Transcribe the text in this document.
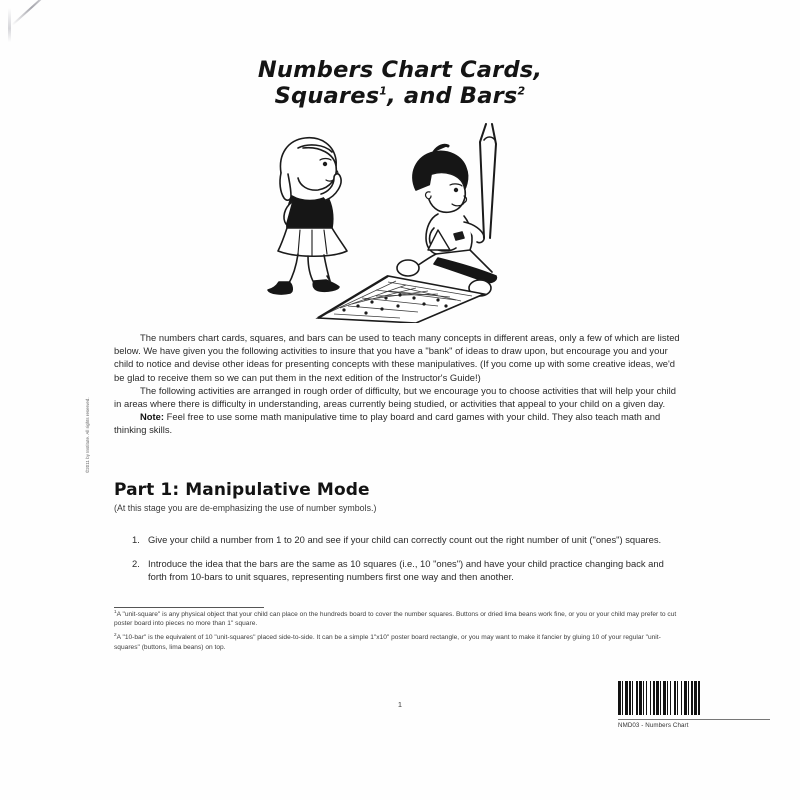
Numbers Chart Cards,
Squares$^1$, and Bars$^2$
©2011 by Institute. All rights reserved.

The numbers chart cards, squares, and bars can be used to teach many concepts in different areas, only a few of which are listed below. We have given you the following activities to insure that you have a "bank" of ideas to draw upon, but encourage you and your child to notice and devise other ideas for presenting concepts with these manipulatives. (If you come up with some creative ideas, we'd be glad to receive them so we can put them in the next edition of the Instructor's Guide!)

The following activities are arranged in rough order of difficulty, but we encourage you to choose activities that will help your child in areas where there is difficulty in understanding, areas currently being studied, or activities that appeal to your child on a given day.

Note: Feel free to use some math manipulative time to play board and card games with your child. They also teach math and thinking skills.

Part 1: Manipulative Mode
(At this stage you are de-emphasizing the use of number symbols.)
1. Give your child a number from 1 to 20 and see if your child can correctly count out the right number of unit ("ones") squares.
2. Introduce the idea that the bars are the same as 10 squares (i.e., 10 "ones") and have your child practice changing back and forth from 10-bars to unit squares, representing numbers first one way and then another.
$^1$A "unit-square" is any physical object that your child can place on the hundreds board to cover the number squares. Buttons or dried lima beans work fine, or you or your child may prefer to cut poster board into pieces no more than 1" square.
$^2$A "10-bar" is the equivalent of 10 "unit-squares" placed side-to-side. It can be a simple 1"x10" poster board rectangle, or you may want to make it fancier by gluing 10 of your regular "unit-squares" (buttons, lima beans) on top.
1
NMD03 - Numbers Chart
